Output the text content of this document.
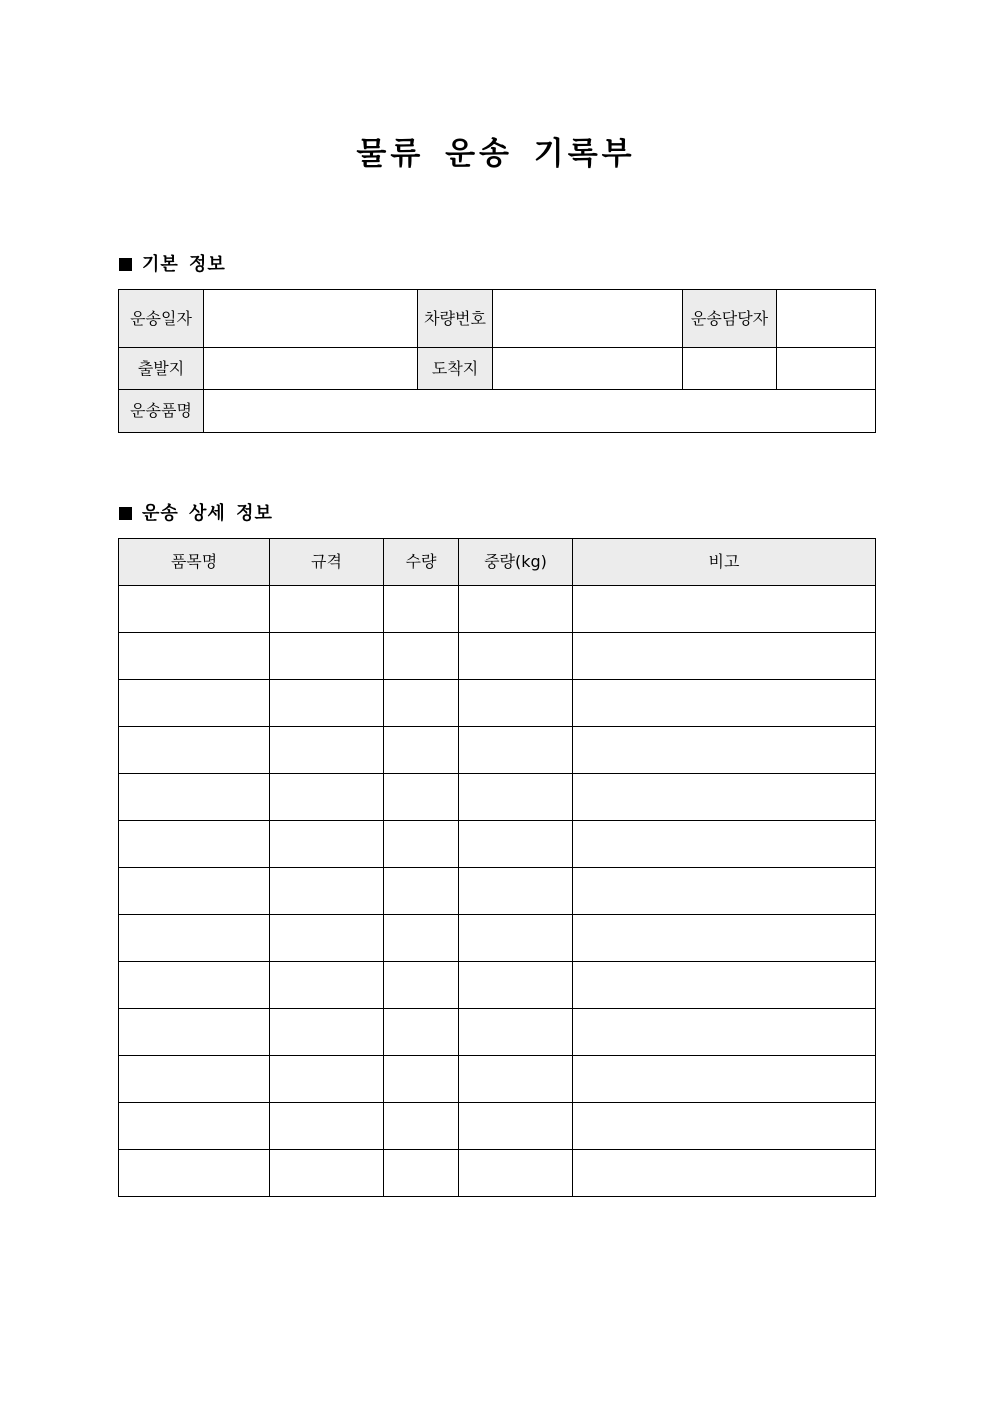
물류 운송 기록부
기본 정보
운송일자		차량번호		운송담당자	
출발지		도착지			
운송품명					
운송 상세 정보
품목명	규격	수량	중량(kg)	비고
